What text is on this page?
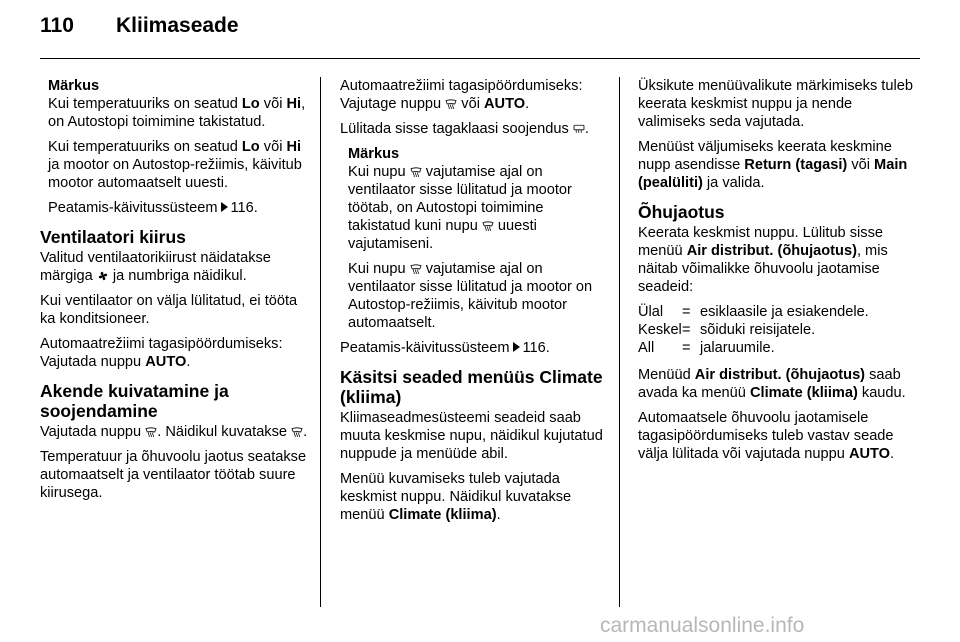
110 Kliimaseade
Märkus

Kui temperatuuriks on seatud Lo või Hi, on Autostopi toimimine takistatud.

Kui temperatuuriks on seatud Lo või Hi ja mootor on Autostop-režiimis, käivitub mootor automaatselt uuesti.

Peatamis-käivitussüsteem 116.

Ventilaatori kiirus

Valitud ventilaatorikiirust näidatakse märgiga  ja numbriga näidikul.

Kui ventilaator on välja lülitatud, ei tööta ka konditsioneer.

Automaatrežiimi tagasipöördumiseks: Vajutada nuppu AUTO.

Akende kuivatamine ja soojendamine

Vajutada nuppu . Näidikul kuvatakse .

Temperatuur ja õhuvoolu jaotus seatakse automaatselt ja ventilaator töötab suure kiirusega.

Automaatrežiimi tagasipöördumiseks: Vajutage nuppu  või AUTO.

Lülitada sisse tagaklaasi soojendus .

Märkus

Kui nupu  vajutamise ajal on ventilaator sisse lülitatud ja mootor töötab, on Autostopi toimimine takistatud kuni nupu  uuesti vajutamiseni.

Kui nupu  vajutamise ajal on ventilaator sisse lülitatud ja mootor on Autostop-režiimis, käivitub mootor automaatselt.

Peatamis-käivitussüsteem 116.

Käsitsi seaded menüüs Climate (kliima)

Kliimaseadmesüsteemi seadeid saab muuta keskmise nupu, näidikul kujutatud nuppude ja menüüde abil.

Menüü kuvamiseks tuleb vajutada keskmist nuppu. Näidikul kuvatakse menüü Climate (kliima).

Üksikute menüüvalikute märkimiseks tuleb keerata keskmist nuppu ja nende valimiseks seda vajutada.

Menüüst väljumiseks keerata keskmine nupp asendisse Return (tagasi) või Main (pealüliti) ja valida.

Õhujaotus

Keerata keskmist nuppu. Lülitub sisse menüü Air distribut. (õhujaotus), mis näitab võimalikke õhuvoolu jaotamise seadeid:

Ülal	=	esiklaasile ja esiakendele.
Keskel	=	sõiduki reisijatele.
All	=	jalaruumile.

Menüüd Air distribut. (õhujaotus) saab avada ka menüü Climate (kliima) kaudu.

Automaatsele õhuvoolu jaotamisele tagasipöördumiseks tuleb vastav seade välja lülitada või vajutada nuppu AUTO.

carmanualsonline.info
